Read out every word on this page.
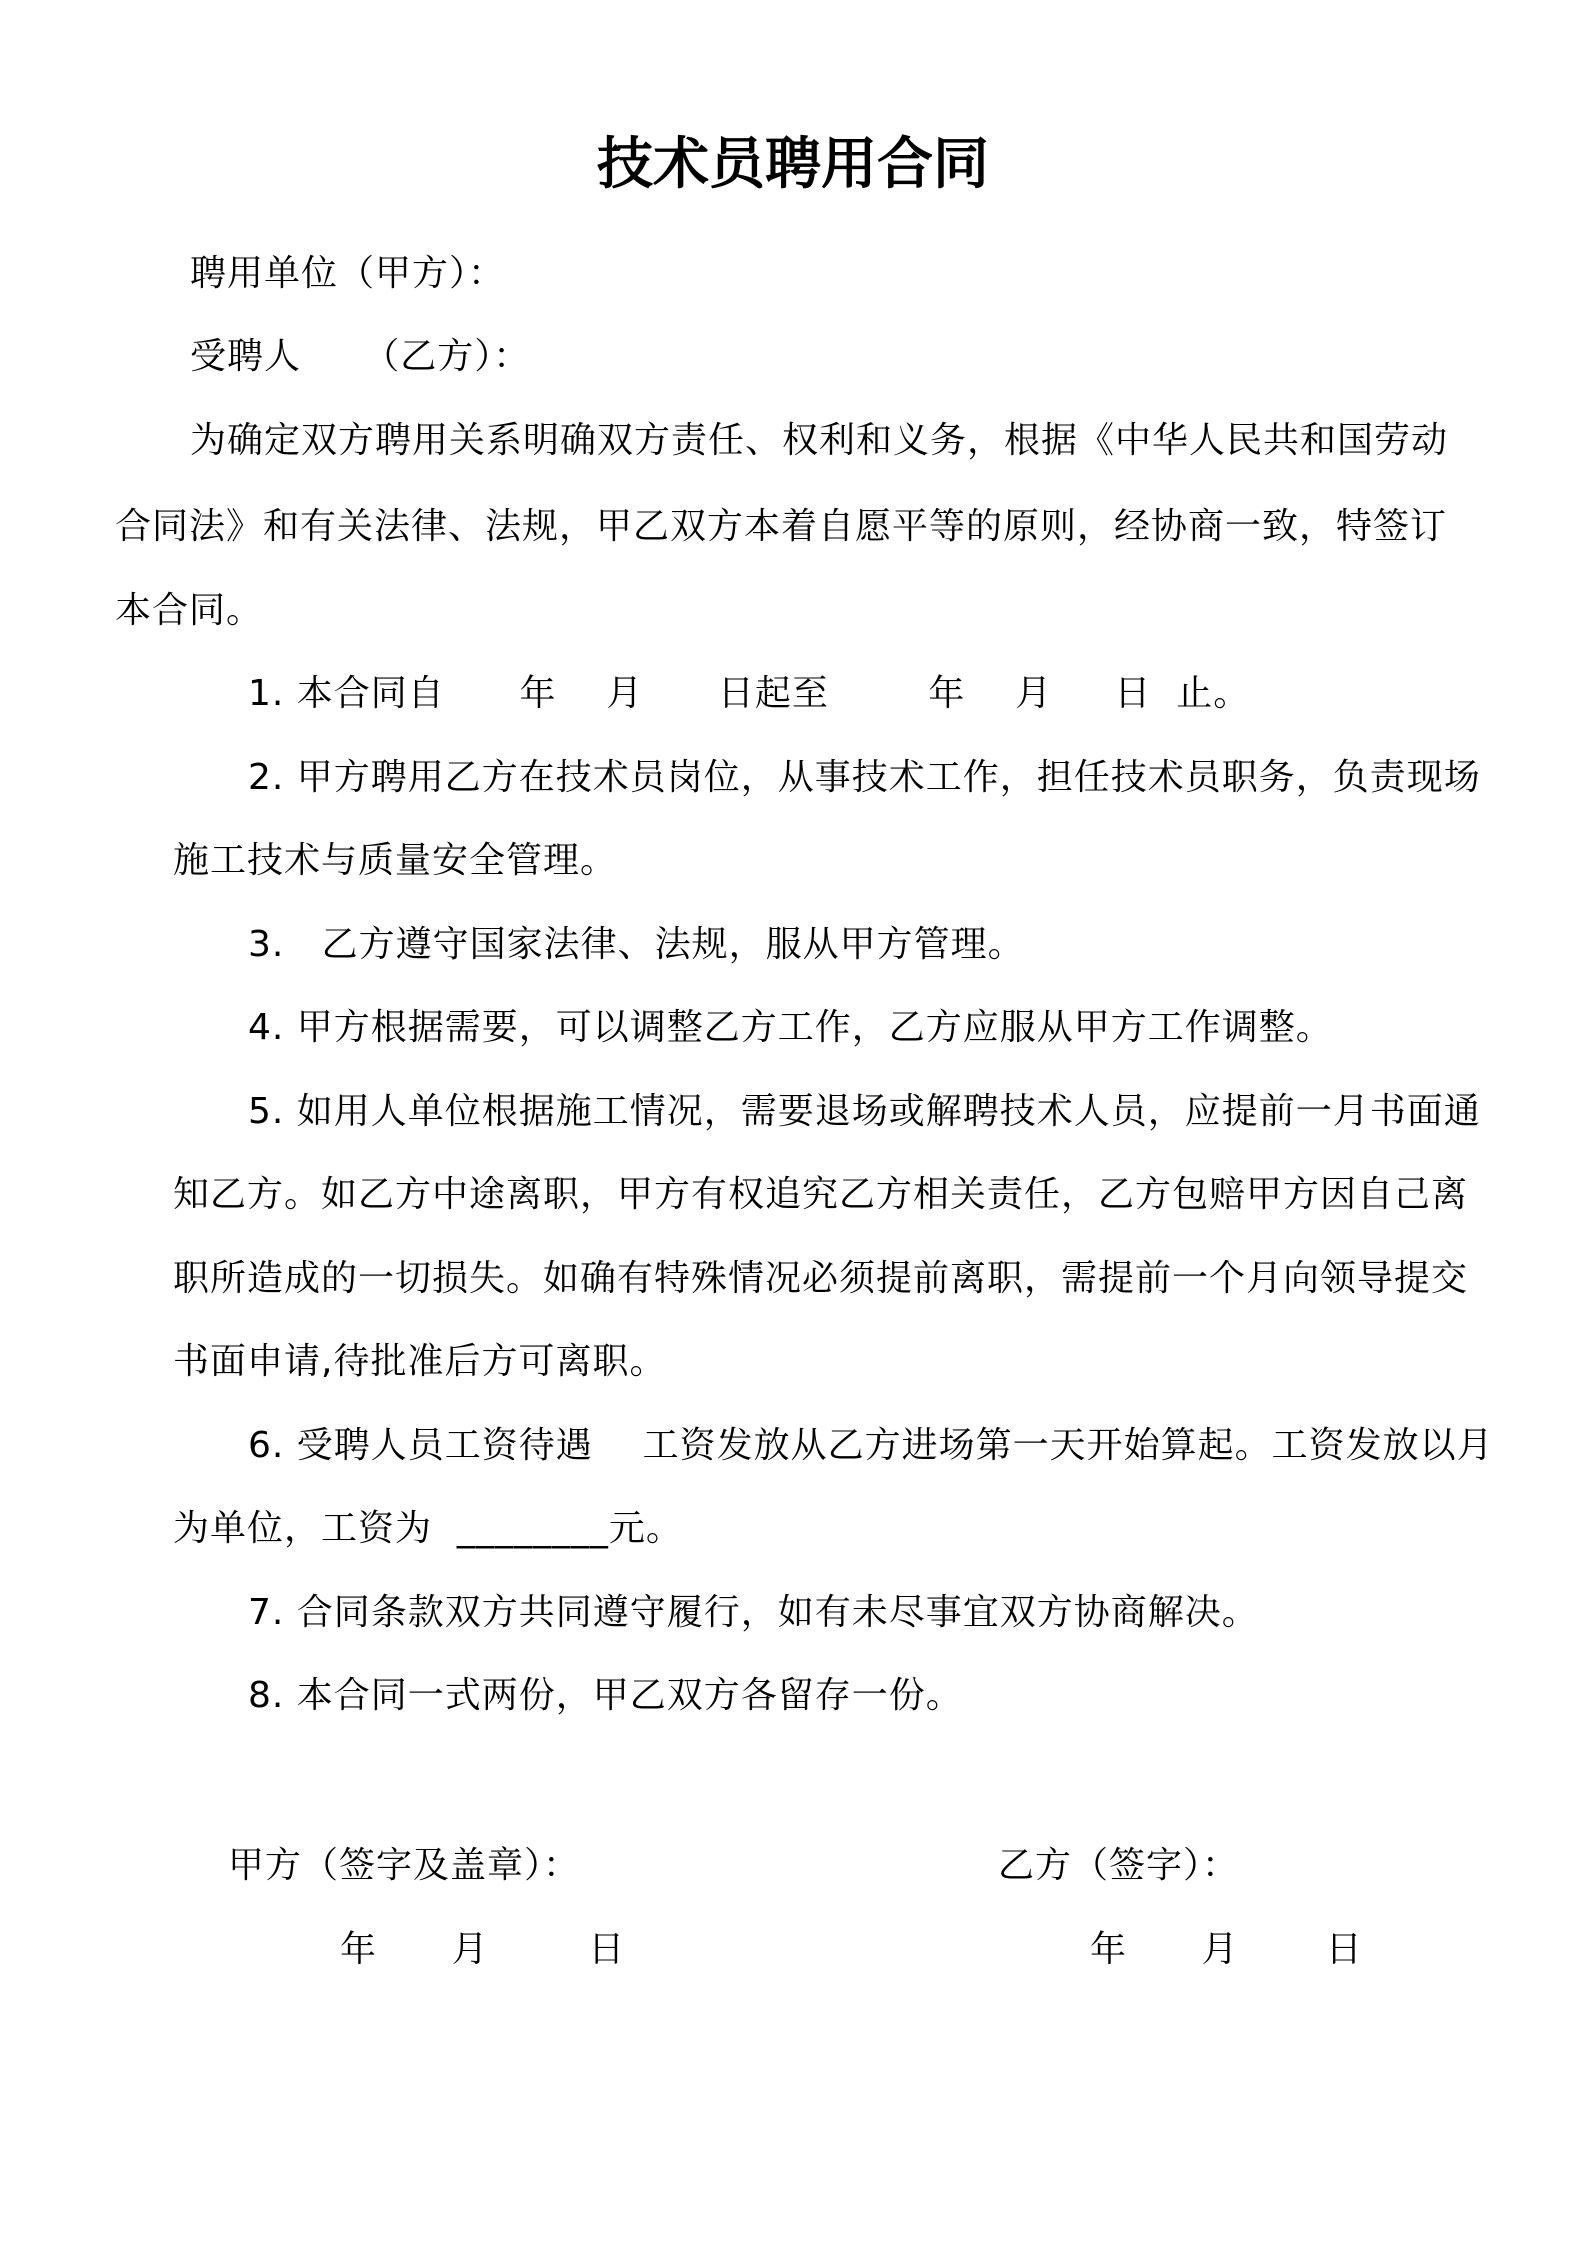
技术员聘用合同
聘用单位（甲方）：
受聘人     （乙方）：
为确定双方聘用关系明确双方责任、权利和义务，根据《中华人民共和国劳动
合同法》和有关法律、法规，甲乙双方本着自愿平等的原则，经协商一致，特签订
本合同。
1. 本合同自      年    月      日起至        年    月     日  止。
2. 甲方聘用乙方在技术员岗位，从事技术工作，担任技术员职务，负责现场
施工技术与质量安全管理。
3.   乙方遵守国家法律、法规，服从甲方管理。
4. 甲方根据需要，可以调整乙方工作，乙方应服从甲方工作调整。
5. 如用人单位根据施工情况，需要退场或解聘技术人员，应提前一月书面通
知乙方。如乙方中途离职，甲方有权追究乙方相关责任，乙方包赔甲方因自己离
职所造成的一切损失。如确有特殊情况必须提前离职，需提前一个月向领导提交
书面申请,待批准后方可离职。
6. 受聘人员工资待遇    工资发放从乙方进场第一天开始算起。工资发放以月
为单位，工资为  ________元。
7. 合同条款双方共同遵守履行，如有未尽事宜双方协商解决。
8. 本合同一式两份，甲乙双方各留存一份。
甲方（签字及盖章）：
年      月        日
乙方（签字）：
年      月       日
